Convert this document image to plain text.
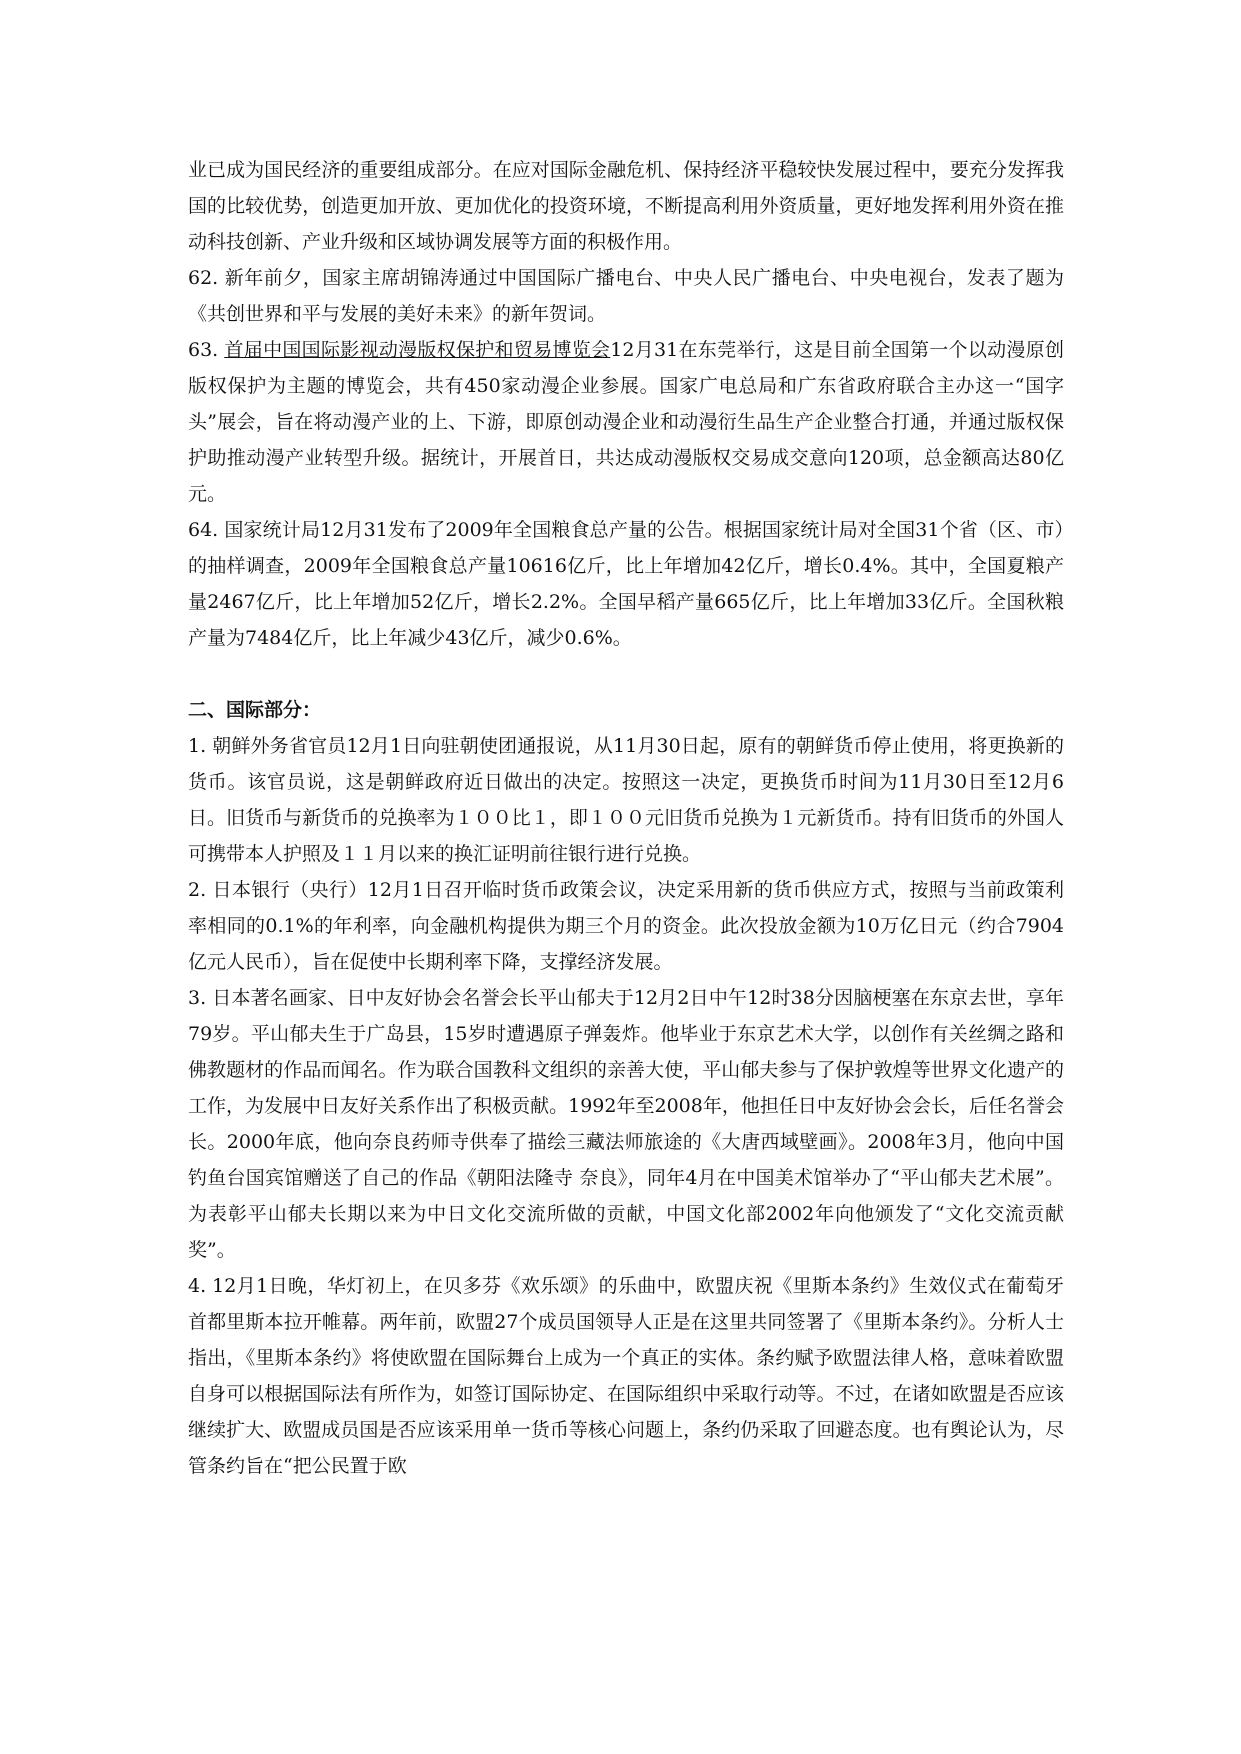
业已成为国民经济的重要组成部分。在应对国际金融危机、保持经济平稳较快发展过程中，要充分发挥我国的比较优势，创造更加开放、更加优化的投资环境，不断提高利用外资质量，更好地发挥利用外资在推动科技创新、产业升级和区域协调发展等方面的积极作用。

62. 新年前夕，国家主席胡锦涛通过中国国际广播电台、中央人民广播电台、中央电视台，发表了题为《共创世界和平与发展的美好未来》的新年贺词。

63. 首届中国国际影视动漫版权保护和贸易博览会12月31在东莞举行，这是目前全国第一个以动漫原创版权保护为主题的博览会，共有450家动漫企业参展。国家广电总局和广东省政府联合主办这一“国字头”展会，旨在将动漫产业的上、下游，即原创动漫企业和动漫衍生品生产企业整合打通，并通过版权保护助推动漫产业转型升级。据统计，开展首日，共达成动漫版权交易成交意向120项，总金额高达80亿元。

64. 国家统计局12月31发布了2009年全国粮食总产量的公告。根据国家统计局对全国31个省（区、市）的抽样调查，2009年全国粮食总产量10616亿斤，比上年增加42亿斤，增长0.4%。其中，全国夏粮产量2467亿斤，比上年增加52亿斤，增长2.2%。全国早稻产量665亿斤，比上年增加33亿斤。全国秋粮产量为7484亿斤，比上年减少43亿斤，减少0.6%。

二、国际部分：

1. 朝鲜外务省官员12月1日向驻朝使团通报说，从11月30日起，原有的朝鲜货币停止使用，将更换新的货币。该官员说，这是朝鲜政府近日做出的决定。按照这一决定，更换货币时间为11月30日至12月6日。旧货币与新货币的兑换率为１００比１，即１００元旧货币兑换为１元新货币。持有旧货币的外国人可携带本人护照及１１月以来的换汇证明前往银行进行兑换。

2. 日本银行（央行）12月1日召开临时货币政策会议，决定采用新的货币供应方式，按照与当前政策利率相同的0.1%的年利率，向金融机构提供为期三个月的资金。此次投放金额为10万亿日元（约合7904亿元人民币），旨在促使中长期利率下降，支撑经济发展。

3. 日本著名画家、日中友好协会名誉会长平山郁夫于12月2日中午12时38分因脑梗塞在东京去世，享年79岁。平山郁夫生于广岛县，15岁时遭遇原子弹轰炸。他毕业于东京艺术大学，以创作有关丝绸之路和佛教题材的作品而闻名。作为联合国教科文组织的亲善大使，平山郁夫参与了保护敦煌等世界文化遗产的工作，为发展中日友好关系作出了积极贡献。1992年至2008年，他担任日中友好协会会长，后任名誉会长。2000年底，他向奈良药师寺供奉了描绘三藏法师旅途的《大唐西域壁画》。2008年3月，他向中国钓鱼台国宾馆赠送了自己的作品《朝阳法隆寺 奈良》，同年4月在中国美术馆举办了“平山郁夫艺术展”。为表彰平山郁夫长期以来为中日文化交流所做的贡献，中国文化部2002年向他颁发了“文化交流贡献奖”。

4. 12月1日晚，华灯初上，在贝多芬《欢乐颂》的乐曲中，欧盟庆祝《里斯本条约》生效仪式在葡萄牙首都里斯本拉开帷幕。两年前，欧盟27个成员国领导人正是在这里共同签署了《里斯本条约》。分析人士指出，《里斯本条约》将使欧盟在国际舞台上成为一个真正的实体。条约赋予欧盟法律人格，意味着欧盟自身可以根据国际法有所作为，如签订国际协定、在国际组织中采取行动等。不过，在诸如欧盟是否应该继续扩大、欧盟成员国是否应该采用单一货币等核心问题上，条约仍采取了回避态度。也有舆论认为，尽管条约旨在“把公民置于欧
